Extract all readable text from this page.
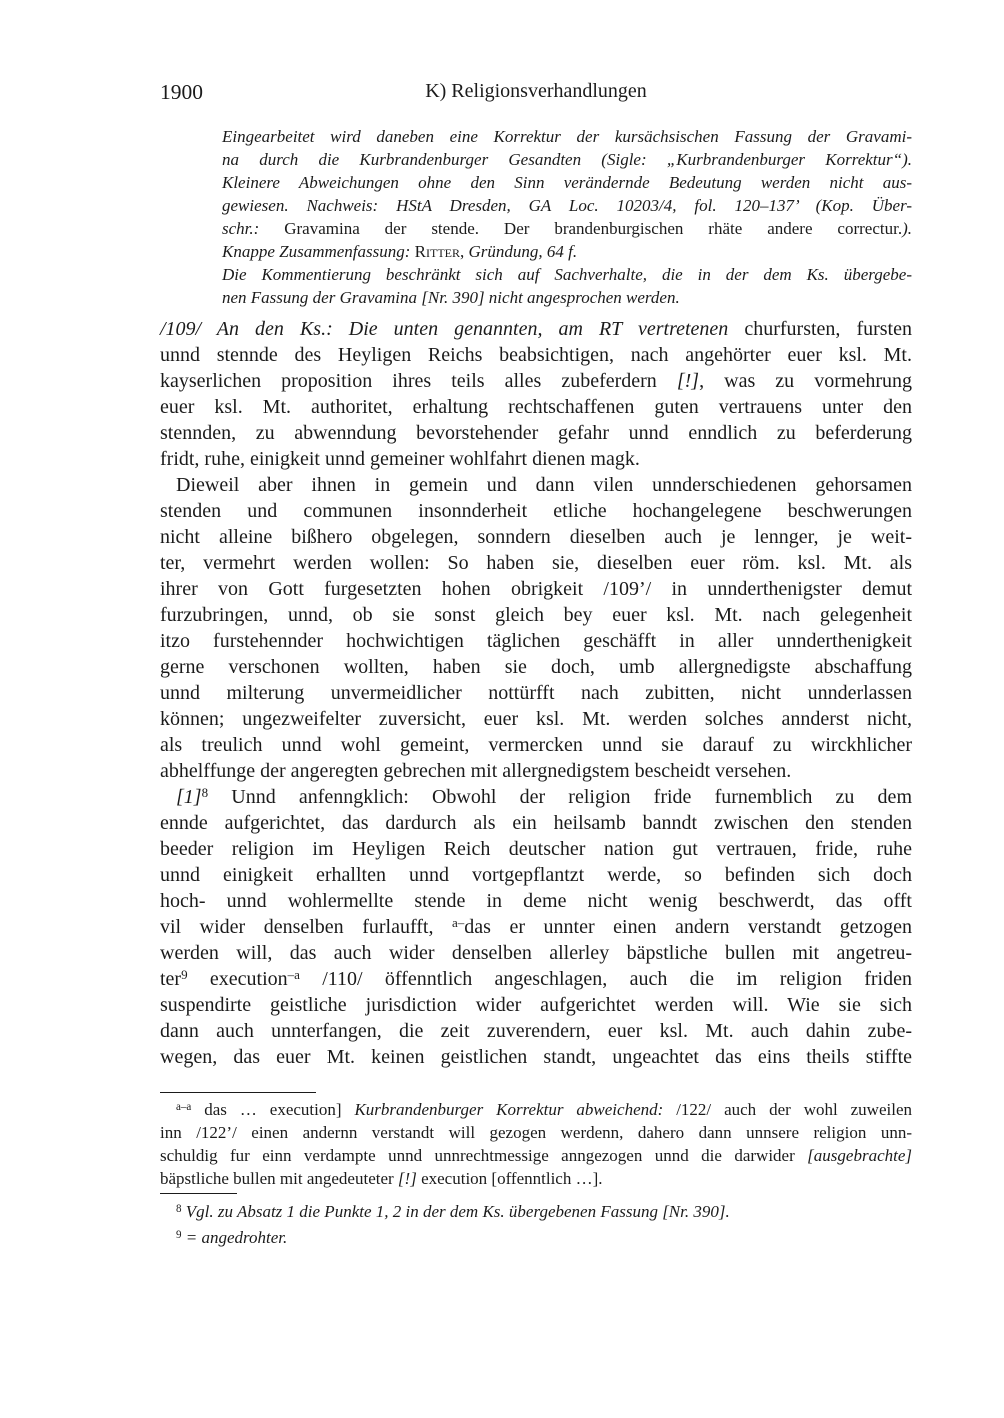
1900	K) Religionsverhandlungen
Eingearbeitet wird daneben eine Korrektur der kursächsischen Fassung der Gravami-
na durch die Kurbrandenburger Gesandten (Sigle: „Kurbrandenburger Korrektur“).
Kleinere Abweichungen ohne den Sinn verändernde Bedeutung werden nicht aus-
gewiesen. Nachweis: HStA Dresden, GA Loc. 10203/4, fol. 120–137’ (Kop. Über-
schr.: Gravamina der stende. Der brandenburgischen rhäte andere correctur.).
Knappe Zusammenfassung: Ritter, Gründung, 64 f.
Die Kommentierung beschränkt sich auf Sachverhalte, die in der dem Ks. übergebe-
nen Fassung der Gravamina [Nr. 390] nicht angesprochen werden.
/109/ An den Ks.: Die unten genannten, am RT vertretenen churfursten, fursten
unnd stennde des Heyligen Reichs beabsichtigen, nach angehörter euer ksl. Mt.
kayserlichen proposition ihres teils alles zubeferdern [!], was zu vormehrung
euer ksl. Mt. authoritet, erhaltung rechtschaffenen guten vertrauens unter den
stennden, zu abwenndung bevorstehender gefahr unnd enndlich zu beferderung
fridt, ruhe, einigkeit unnd gemeiner wohlfahrt dienen magk.
Dieweil aber ihnen in gemein und dann vilen unnderschiedenen gehorsamen
stenden und communen insonnderheit etliche hochangelegene beschwerungen
nicht alleine bißhero obgelegen, sonndern dieselben auch je lennger, je weit-
ter, vermehrt werden wollen: So haben sie, dieselben euer röm. ksl. Mt. als
ihrer von Gott furgesetzten hohen obrigkeit /109’/ in unnderthenigster demut
furzubringen, unnd, ob sie sonst gleich bey euer ksl. Mt. nach gelegenheit
itzo furstehennder hochwichtigen täglichen geschäfft in aller unnderthenigkeit
gerne verschonen wollten, haben sie doch, umb allergnedigste abschaffung
unnd milterung unvermeidlicher nottürfft nach zubitten, nicht unnderlassen
können; ungezweifelter zuversicht, euer ksl. Mt. werden solches annderst nicht,
als treulich unnd wohl gemeint, vermercken unnd sie darauf zu wirckhlicher
abhelffunge der angeregten gebrechen mit allergnedigstem bescheidt versehen.
$[1]^8$ Unnd anfenngklich: Obwohl der religion fride furnemblich zu dem
ennde aufgerichtet, das dardurch als ein heilsamb banndt zwischen den stenden
beeder religion im Heyligen Reich deutscher nation gut vertrauen, fride, ruhe
unnd einigkeit erhallten unnd vortgepflantzt werde, so befinden sich doch
hoch- unnd wohlermellte stende in deme nicht wenig beschwerdt, das offt
vil wider denselben furlaufft, $^{a-}$das er unnter einen andern verstandt getzogen
werden will, das auch wider denselben allerley bäpstliche bullen mit angetreu-
ter$^9$ execution$^{-a}$ /110/ öffenntlich angeschlagen, auch die im religion friden
suspendirte geistliche jurisdiction wider aufgerichtet werden will. Wie sie sich
dann auch unnterfangen, die zeit zuverendern, euer ksl. Mt. auch dahin zube-
wegen, das euer Mt. keinen geistlichen standt, ungeachtet das eins theils stiffte
$^{a-a}$ das … execution] Kurbrandenburger Korrektur abweichend: /122/ auch der wohl zuweilen
inn /122’/ einen andernn verstandt will gezogen werdenn, dahero dann unnsere religion unn-
schuldig fur einn verdampte unnd unnrechtmessige anngezogen unnd die darwider [ausgebrachte]
bäpstliche bullen mit angedeuteter [!] execution [offenntlich …].
$^8$ Vgl. zu Absatz 1 die Punkte 1, 2 in der dem Ks. übergebenen Fassung [Nr. 390].
$^9$ = angedrohter.
